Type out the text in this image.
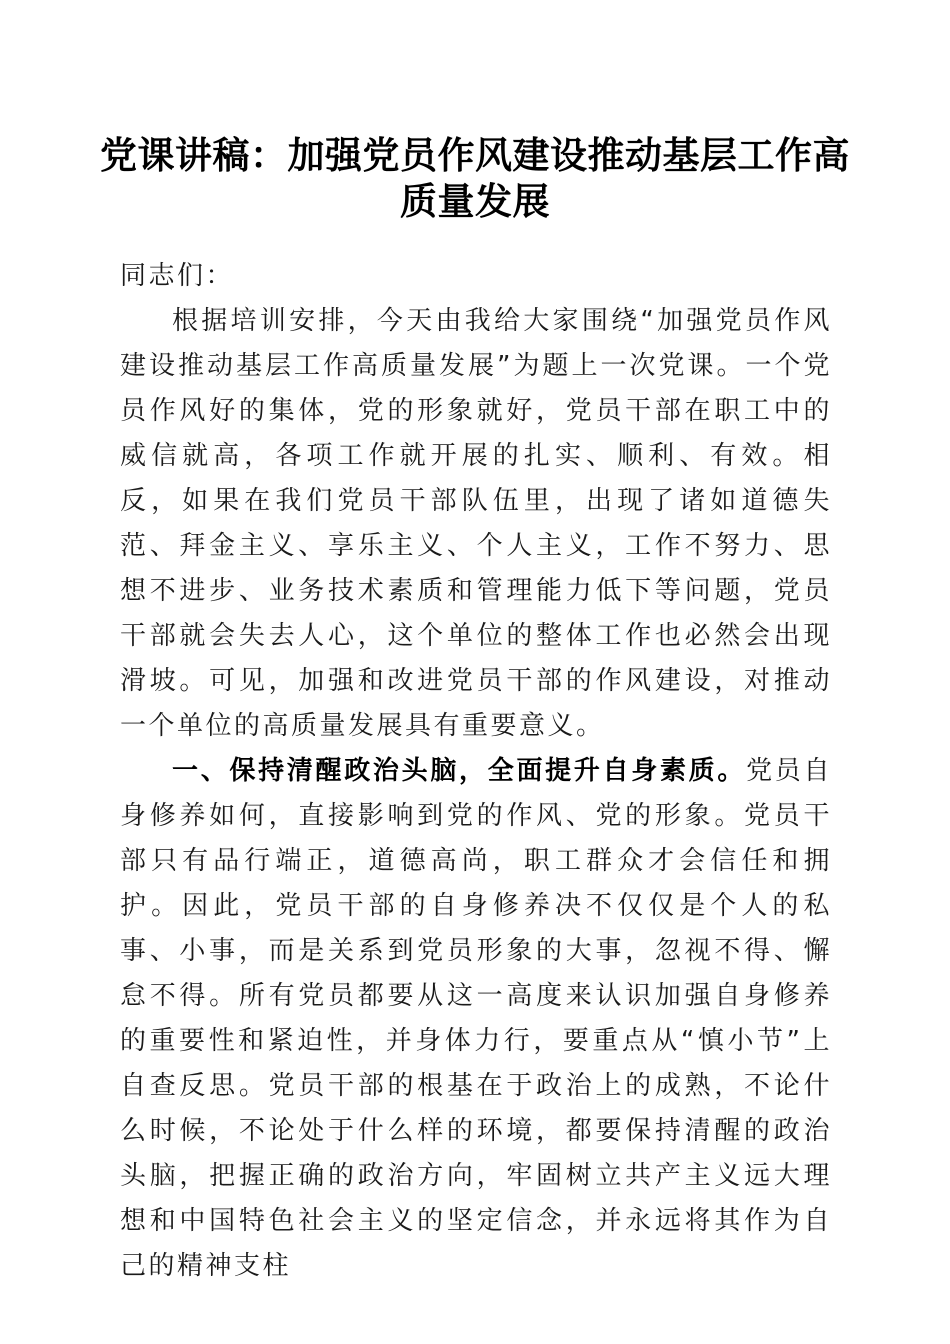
党课讲稿：加强党员作风建设推动基层工作高
质量发展

同志们：

根据培训安排，今天由我给大家围绕“加强党员作风建设推动基层工作高质量发展”为题上一次党课。一个党员作风好的集体，党的形象就好，党员干部在职工中的威信就高，各项工作就开展的扎实、顺利、有效。相反，如果在我们党员干部队伍里，出现了诸如道德失范、拜金主义、享乐主义、个人主义，工作不努力、思想不进步、业务技术素质和管理能力低下等问题，党员干部就会失去人心，这个单位的整体工作也必然会出现滑坡。可见，加强和改进党员干部的作风建设，对推动一个单位的高质量发展具有重要意义。

一、保持清醒政治头脑，全面提升自身素质。党员自身修养如何，直接影响到党的作风、党的形象。党员干部只有品行端正，道德高尚，职工群众才会信任和拥护。因此，党员干部的自身修养决不仅仅是个人的私事、小事，而是关系到党员形象的大事，忽视不得、懈怠不得。所有党员都要从这一高度来认识加强自身修养的重要性和紧迫性，并身体力行，要重点从“慎小节”上自查反思。党员干部的根基在于政治上的成熟，不论什么时候，不论处于什么样的环境，都要保持清醒的政治头脑，把握正确的政治方向，牢固树立共产主义远大理想和中国特色社会主义的坚定信念，并永远将其作为自己的精神支柱
